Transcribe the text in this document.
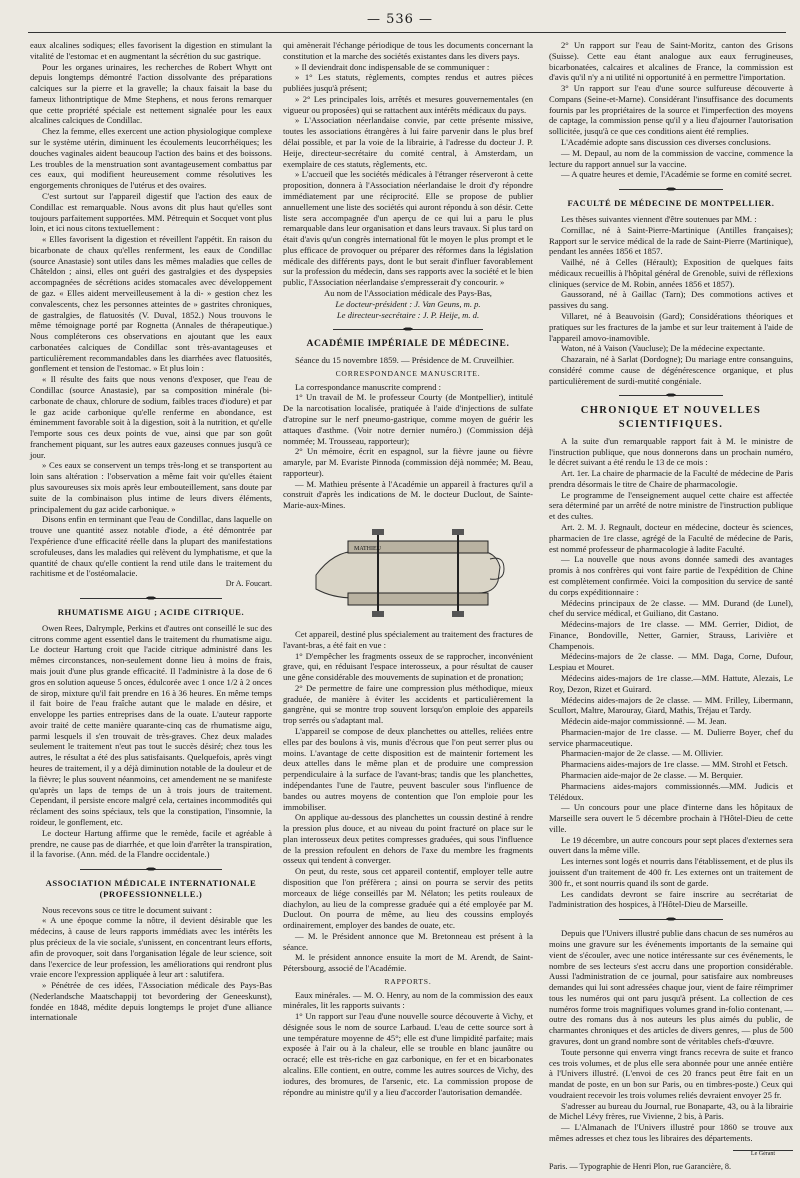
— 536 —

eaux alcalines sodiques; elles favorisent la digestion en stimulant la vitalité de l'estomac et en augmentant la sécrétion du suc gastrique.

Pour les organes urinaires, les recherches de Robert Whytt ont depuis longtemps démontré l'action dissolvante des préparations calciques sur la pierre et la gravelle; la chaux faisait la base du fameux lithontriptique de Mme Stephens, et nous ferons remarquer que cette propriété spéciale est nettement signalée pour les eaux alcalines calciques de Condillac.

Chez la femme, elles exercent une action physiologique complexe sur le système utérin, diminuent les écoulements leucorrhéiques; les douches vaginales aident beaucoup l'action des bains et des boissons. Les troubles de la menstruation sont avantageusement combattus par ces eaux, qui modifient heureusement comme résolutives les engorgements chroniques de l'utérus et des ovaires.

C'est surtout sur l'appareil digestif que l'action des eaux de Condillac est remarquable. Nous avons dit plus haut qu'elles sont toujours parfaitement supportées. MM. Pétrequin et Socquet vont plus loin, et ici nous citons textuellement :

« Elles favorisent la digestion et réveillent l'appétit. En raison du bicarbonate de chaux qu'elles renferment, les eaux de Condillac (source Anastasie) sont utiles dans les mêmes maladies que celles de Châteldon ; ainsi, elles ont guéri des gastralgies et des dyspepsies accompagnées de sécrétions acides stomacales avec développement de gaz. « Elles aident merveilleusement à la di- » gestion chez les convalescents, chez les personnes atteintes de » gastrites chroniques, de gastralgies, de flatuosités (V. Duval, 1852.) Nous trouvons le même témoignage porté par Rognetta (Annales de thérapeutique.) Nous compléterons ces observations en ajoutant que les eaux carbonatées calciques de Condillac sont très-avantageuses et particulièrement recommandables dans les diarrhées avec flatuosités, gonflement et tension de l'estomac. » Et plus loin :

« Il résulte des faits que nous venons d'exposer, que l'eau de Condillac (source Anastasie), par sa composition minérale (bi-carbonate de chaux, chlorure de sodium, faibles traces d'iodure) et par le gaz acide carbonique qu'elle renferme en abondance, est éminemment favorable soit à la digestion, soit à la nutrition, et qu'elle l'emporte sous ces deux points de vue, ainsi que par son goût franchement piquant, sur les autres eaux gazeuses connues jusqu'à ce jour.

» Ces eaux se conservent un temps très-long et se transportent au loin sans altération : l'observation a même fait voir qu'elles étaient plus savoureuses six mois après leur embouteillement, sans doute par suite de la combinaison plus intime de leurs divers éléments, principalement du gaz acide carbonique. »

Disons enfin en terminant que l'eau de Condillac, dans laquelle on trouve une quantité assez notable d'iode, a été démontrée par l'expérience d'une efficacité réelle dans la plupart des manifestations scrofuleuses, dans les maladies qui relèvent du lymphatisme, et que la quantité de chaux qu'elle contient la rend utile dans le traitement du rachitisme et de l'ostéomalacie.

Dr A. Foucart.
RHUMATISME AIGU ; ACIDE CITRIQUE.

Owen Rees, Dalrymple, Perkins et d'autres ont conseillé le suc des citrons comme agent essentiel dans le traitement du rhumatisme aigu. Le docteur Hartung croit que l'acide citrique administré dans les mêmes circonstances, non-seulement donne lieu à moins de frais, mais jouit d'une plus grande efficacité. Il l'administre à la dose de 6 gros en solution aqueuse 5 onces, édulcorée avec 1 once 1/2 à 2 onces de sirop, mixture qu'il fait prendre en 16 à 36 heures. En même temps il fait boire de l'eau fraîche autant que le malade en désire, et enveloppe les parties entreprises dans de la ouate. L'auteur rapporte avoir traité de cette manière quarante-cinq cas de rhumatisme aigu, parmi lesquels il s'en trouvait de très-graves. Chez deux malades seulement le traitement n'eut pas tout le succès désiré; chez tous les autres, le résultat a été des plus satisfaisants. Quelquefois, après vingt heures de traitement, il y a déjà diminution notable de la douleur et de la fièvre; le plus souvent néanmoins, cet amendement ne se manifeste qu'après un laps de temps de un à trois jours de traitement. Cependant, il persiste encore malgré cela, certaines incommodités qui réclament des soins spéciaux, tels que la constipation, l'insomnie, la roideur, le gonflement, etc.

Le docteur Hartung affirme que le remède, facile et agréable à prendre, ne cause pas de diarrhée, et que loin d'arrêter la transpiration, il la favorise. (Ann. méd. de la Flandre occidentale.)

ASSOCIATION MÉDICALE INTERNATIONALE (PROFESSIONNELLE.)

Nous recevons sous ce titre le document suivant :

« A une époque comme la nôtre, il devient désirable que les médecins, à cause de leurs rapports immédiats avec les intérêts les plus précieux de la vie sociale, s'unissent, en concentrant leurs efforts, afin de provoquer, soit dans l'organisation légale de leur science, soit dans l'exercice de leur profession, les améliorations qui rendront plus vraie encore l'expression appliquée à leur art : salutifera.

» Pénétrée de ces idées, l'Association médicale des Pays-Bas (Nederlandsche Maatschappij tot bevordering der Geneeskunst), fondée en 1848, médite depuis longtemps le projet d'une alliance internationale

qui amènerait l'échange périodique de tous les documents concernant la constitution et la marche des sociétés existantes dans les divers pays.

» Il deviendrait donc indispensable de se communiquer :

» 1° Les statuts, règlements, comptes rendus et autres pièces publiées jusqu'à présent;

» 2° Les principales lois, arrêtés et mesures gouvernementales (en vigueur ou proposées) qui se rattachent aux intérêts médicaux du pays.

» L'Association néerlandaise convie, par cette présente missive, toutes les associations étrangères à lui faire parvenir dans le plus bref délai possible, et par la voie de la librairie, à l'adresse du docteur J. P. Heije, directeur-secrétaire du comité central, à Amsterdam, un exemplaire de ces statuts, règlements, etc.

» L'accueil que les sociétés médicales à l'étranger réserveront à cette proposition, donnera à l'Association néerlandaise le droit d'y répondre immédiatement par une réciprocité. Elle se propose de publier annuellement une liste des sociétés qui auront répondu à son désir. Cette liste sera accompagnée d'un aperçu de ce qui lui a paru le plus remarquable dans leur organisation et dans leurs travaux. Si plus tard on était d'avis qu'un congrès international fût le moyen le plus prompt et le plus efficace de provoquer ou préparer des réformes dans la législation médicale des différents pays, dont le but serait d'influer favorablement sur la profession du médecin, dans ses rapports avec la société et le bien public, l'Association néerlandaise s'empresserait d'y concourir. »

Au nom de l'Association médicale des Pays-Bas,

Le docteur-président : J. Van Geuns, m. p.

Le directeur-secrétaire : J. P. Heije, m. d.

ACADÉMIE IMPÉRIALE DE MÉDECINE.

Séance du 15 novembre 1859. — Présidence de M. Cruveilhier.

CORRESPONDANCE MANUSCRITE.

La correspondance manuscrite comprend :

1° Un travail de M. le professeur Courty (de Montpellier), intitulé De la narcotisation localisée, pratiquée à l'aide d'injections de sulfate d'atropine sur le nerf pneumo-gastrique, comme moyen de guérir les attaques d'asthme. (Voir notre dernier numéro.) (Commission déjà nommée; M. Trousseau, rapporteur);

2° Un mémoire, écrit en espagnol, sur la fièvre jaune ou fièvre amaryle, par M. Evariste Pinnoda (commission déjà nommée; M. Beau, rapporteur).

— M. Mathieu présente à l'Académie un appareil à fractures qu'il a construit d'après les indications de M. le docteur Duclout, de Sainte-Marie-aux-Mines.

MATHIEU

Cet appareil, destiné plus spécialement au traitement des fractures de l'avant-bras, a été fait en vue :

1° D'empêcher les fragments osseux de se rapprocher, inconvénient grave, qui, en réduisant l'espace interosseux, a pour résultat de causer une gêne considérable des mouvements de supination et de pronation;

2° De permettre de faire une compression plus méthodique, mieux graduée, de manière à éviter les accidents et particulièrement la gangrène, qui se montre trop souvent lorsqu'on emploie des appareils trop serrés ou s'adaptant mal.

L'appareil se compose de deux planchettes ou attelles, reliées entre elles par des boulons à vis, munis d'écrous que l'on peut serrer plus ou moins. L'avantage de cette disposition est de maintenir fortement les deux attelles dans le même plan et de produire une compression perpendiculaire à la surface de l'avant-bras; tandis que les planchettes, indépendantes l'une de l'autre, peuvent basculer sous l'influence de bandes ou autres moyens de contention que l'on emploie pour les immobiliser.

On applique au-dessous des planchettes un coussin destiné à rendre la pression plus douce, et au niveau du point fracturé on place sur le plan interosseux deux petites compresses graduées, qui sous l'influence de la pression refoulent en dehors de l'axe du membre les fragments osseux qui tendent à converger.

On peut, du reste, sous cet appareil contentif, employer telle autre disposition que l'on préfèrera ; ainsi on pourra se servir des petits morceaux de liége conseillés par M. Nélaton; les petits rouleaux de diachylon, au lieu de la compresse graduée qui a été employée par M. Duclout. On pourra de même, au lieu des coussins employés ordinairement, employer des bandes de ouate, etc.

— M. le Président annonce que M. Bretonneau est présent à la séance.

M. le président annonce ensuite la mort de M. Arendt, de Saint-Pétersbourg, associé de l'Académie.

RAPPORTS.

Eaux minérales. — M. O. Henry, au nom de la commission des eaux minérales, lit les rapports suivants :

1° Un rapport sur l'eau d'une nouvelle source découverte à Vichy, et désignée sous le nom de source Larbaud. L'eau de cette source sort à une température moyenne de 45°; elle est d'une limpidité parfaite; mais exposée à l'air ou à la chaleur, elle se trouble en blanc jaunâtre ou ocracé; elle est très-riche en gaz carbonique, en fer et en bicarbonates alcalins. Elle contient, en outre, comme les autres sources de Vichy, des iodures, des bromures, de l'arsenic, etc. La commission propose de répondre au ministre qu'il y a lieu d'accorder l'autorisation demandée.

2° Un rapport sur l'eau de Saint-Moritz, canton des Grisons (Suisse). Cette eau étant analogue aux eaux ferrugineuses, bicarbonatées, calcaires et alcalines de France, la commission est d'avis qu'il n'y a ni utilité ni opportunité à en permettre l'importation.

3° Un rapport sur l'eau d'une source sulfureuse découverte à Compans (Seine-et-Marne). Considérant l'insuffisance des documents fournis par les propriétaires de la source et l'imperfection des moyens de captage, la commission pense qu'il y a lieu d'ajourner l'autorisation sollicitée, jusqu'à ce que ces conditions aient été remplies.

L'Académie adopte sans discussion ces diverses conclusions.

— M. Depaul, au nom de la commission de vaccine, commence la lecture du rapport annuel sur la vaccine.

— A quatre heures et demie, l'Académie se forme en comité secret.

FACULTÉ DE MÉDECINE DE MONTPELLIER.

Les thèses suivantes viennent d'être soutenues par MM. :

Cornillac, né à Saint-Pierre-Martinique (Antilles françaises); Rapport sur le service médical de la rade de Saint-Pierre (Martinique), pendant les années 1856 et 1857.

Vailhé, né à Celles (Hérault); Exposition de quelques faits médicaux recueillis à l'hôpital général de Grenoble, suivi de réflexions cliniques (service de M. Robin, années 1856 et 1857).

Gaussorand, né à Gaillac (Tarn); Des commotions actives et passives du sang.

Villaret, né à Beauvoisin (Gard); Considérations théoriques et pratiques sur les fractures de la jambe et sur leur traitement à l'aide de l'appareil amovo-inamovible.

Waton, né à Vaison (Vaucluse); De la médecine expectante.

Chazarain, né à Sarlat (Dordogne); Du mariage entre consanguins, considéré comme cause de dégénérescence organique, et plus particulièrement de surdi-mutité congéniale.

CHRONIQUE ET NOUVELLES SCIENTIFIQUES.

A la suite d'un remarquable rapport fait à M. le ministre de l'instruction publique, que nous donnerons dans un prochain numéro, le décret suivant a été rendu le 13 de ce mois :

Art. 1er. La chaire de pharmacie de la Faculté de médecine de Paris prendra désormais le titre de Chaire de pharmacologie.

Le programme de l'enseignement auquel cette chaire est affectée sera déterminé par un arrêté de notre ministre de l'instruction publique et des cultes.

Art. 2. M. J. Regnault, docteur en médecine, docteur ès sciences, pharmacien de 1re classe, agrégé de la Faculté de médecine de Paris, est nommé professeur de pharmacologie à ladite Faculté.

— La nouvelle que nous avons donnée samedi des avantages promis à nos confrères qui vont faire partie de l'expédition de Chine est complètement confirmée. Voici la composition du service de santé du corps expéditionnaire :

Médecins principaux de 2e classe. — MM. Durand (de Lunel), chef du service médical, et Guiliano, dit Castano.

Médecins-majors de 1re classe. — MM. Gerrier, Didiot, de Finance, Bondoville, Netter, Garnier, Strauss, Larivière et Champenois.

Médecins-majors de 2e classe. — MM. Daga, Corne, Dufour, Lespiau et Mouret.

Médecins aides-majors de 1re classe.—MM. Hattute, Alezais, Le Roy, Dezon, Rizet et Guirard.

Médecins aides-majors de 2e classe. — MM. Frilley, Libermann, Scullort, Maltre, Marouray, Giard, Mathis, Tréjau et Tardy.

Médecin aide-major commissionné. — M. Jean.

Pharmacien-major de 1re classe. — M. Dulierre Boyer, chef du service pharmaceutique.

Pharmacien-major de 2e classe. — M. Ollivier.

Pharmaciens aides-majors de 1re classe. — MM. Strohl et Fetsch.

Pharmacien aide-major de 2e classe. — M. Berquier.

Pharmaciens aides-majors commissionnés.—MM. Judicis et Télédoux.

— Un concours pour une place d'interne dans les hôpitaux de Marseille sera ouvert le 5 décembre prochain à l'Hôtel-Dieu de cette ville.

Le 19 décembre, un autre concours pour sept places d'externes sera ouvert dans la même ville.

Les internes sont logés et nourris dans l'établissement, et de plus ils jouissent d'un traitement de 400 fr. Les externes ont un traitement de 300 fr., et sont nourris quand ils sont de garde.

Les candidats devront se faire inscrire au secrétariat de l'administration des hospices, à l'Hôtel-Dieu de Marseille.

Depuis que l'Univers illustré publie dans chacun de ses numéros au moins une gravure sur les événements importants de la semaine qui vient de s'écouler, avec une notice intéressante sur ces événements, le nombre de ses lecteurs s'est accru dans une proportion considérable. Aussi l'administration de ce journal, pour satisfaire aux nombreuses demandes qui lui sont adressées chaque jour, vient de faire réimprimer tous les numéros qui ont paru jusqu'à présent. La collection de ces numéros forme trois magnifiques volumes grand in-folio contenant, — outre des romans dus à nos auteurs les plus aimés du public, de charmantes chroniques et des articles de divers genres, — plus de 500 gravures, dont un grand nombre sont de véritables chefs-d'œuvre.

Toute personne qui enverra vingt francs recevra de suite et franco ces trois volumes, et de plus elle sera abonnée pour une année entière à l'Univers illustré. (L'envoi de ces 20 francs peut être fait en un mandat de poste, en un bon sur Paris, ou en timbres-poste.) Ceux qui voudraient recevoir les trois volumes reliés devraient envoyer 25 fr.

S'adresser au bureau du Journal, rue Bonaparte, 43, ou à la librairie de Michel Lévy frères, rue Vivienne, 2 bis, à Paris.

— L'Almanach de l'Univers illustré pour 1860 se trouve aux mêmes adresses et chez tous les libraires des départements.

Le Gérant
Paris. — Typographie de Henri Plon, rue Garancière, 8.
